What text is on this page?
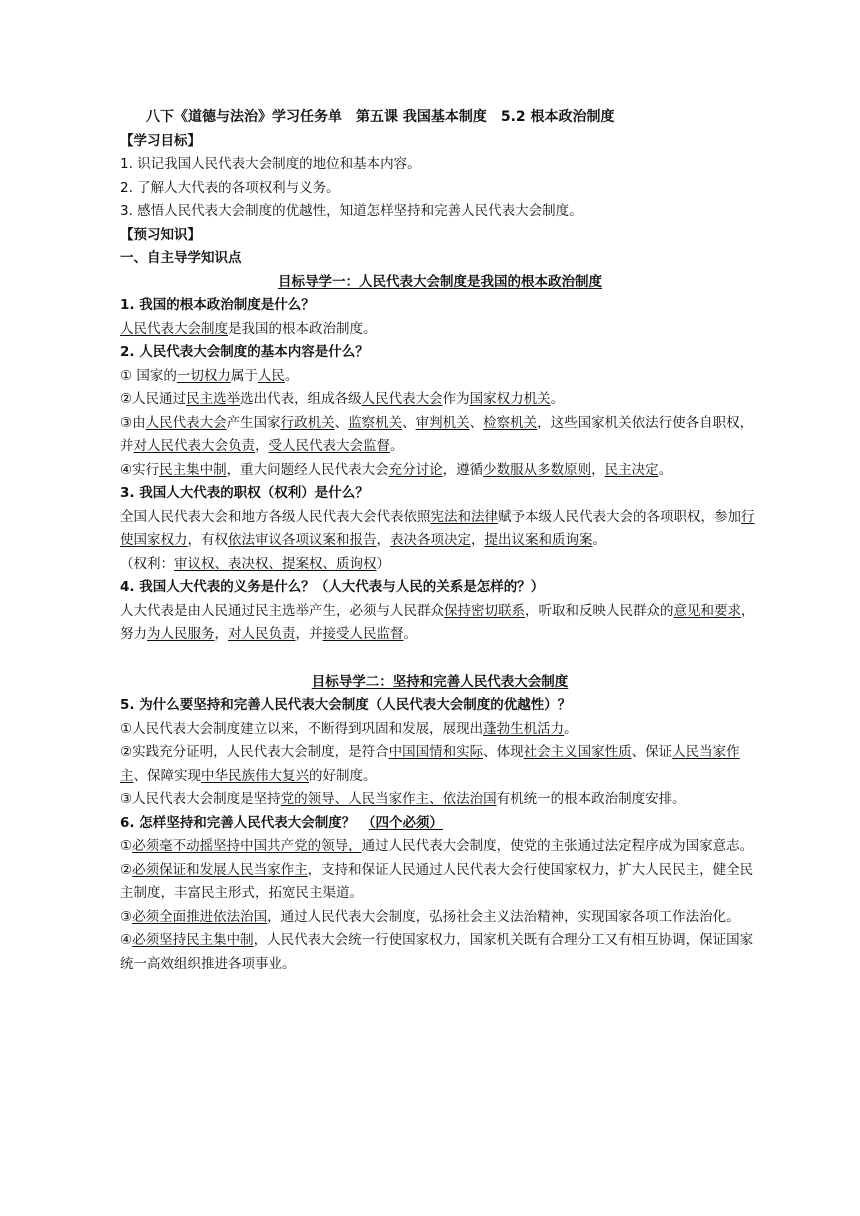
八下《道德与法治》学习任务单　第五课 我国基本制度　5.2 根本政治制度
【学习目标】
1. 识记我国人民代表大会制度的地位和基本内容。
2. 了解人大代表的各项权利与义务。
3. 感悟人民代表大会制度的优越性，知道怎样坚持和完善人民代表大会制度。
【预习知识】
一、自主导学知识点
目标导学一：人民代表大会制度是我国的根本政治制度
1. 我国的根本政治制度是什么？
人民代表大会制度是我国的根本政治制度。
2. 人民代表大会制度的基本内容是什么？
① 国家的一切权力属于人民。
②人民通过民主选举选出代表，组成各级人民代表大会作为国家权力机关。
③由人民代表大会产生国家行政机关、监察机关、审判机关、检察机关，这些国家机关依法行使各自职权，并对人民代表大会负责，受人民代表大会监督。
④实行民主集中制，重大问题经人民代表大会充分讨论，遵循少数服从多数原则，民主决定。
3. 我国人大代表的职权（权利）是什么？
全国人民代表大会和地方各级人民代表大会代表依照宪法和法律赋予本级人民代表大会的各项职权，参加行使国家权力，有权依法审议各项议案和报告，表决各项决定，提出议案和质询案。
（权利：审议权、表决权、提案权、质询权）
4. 我国人大代表的义务是什么？（人大代表与人民的关系是怎样的？）
人大代表是由人民通过民主选举产生，必须与人民群众保持密切联系，听取和反映人民群众的意见和要求，努力为人民服务，对人民负责，并接受人民监督。
目标导学二：坚持和完善人民代表大会制度
5. 为什么要坚持和完善人民代表大会制度（人民代表大会制度的优越性）？
①人民代表大会制度建立以来，不断得到巩固和发展，展现出蓬勃生机活力。
②实践充分证明，人民代表大会制度，是符合中国国情和实际、体现社会主义国家性质、保证人民当家作主、保障实现中华民族伟大复兴的好制度。
③人民代表大会制度是坚持党的领导、人民当家作主、依法治国有机统一的根本政治制度安排。
6. 怎样坚持和完善人民代表大会制度？　（四个必须）
①必须毫不动摇坚持中国共产党的领导，通过人民代表大会制度，使党的主张通过法定程序成为国家意志。
②必须保证和发展人民当家作主，支持和保证人民通过人民代表大会行使国家权力，扩大人民民主，健全民主制度，丰富民主形式，拓宽民主渠道。
③必须全面推进依法治国，通过人民代表大会制度，弘扬社会主义法治精神，实现国家各项工作法治化。
④必须坚持民主集中制，人民代表大会统一行使国家权力，国家机关既有合理分工又有相互协调，保证国家统一高效组织推进各项事业。
